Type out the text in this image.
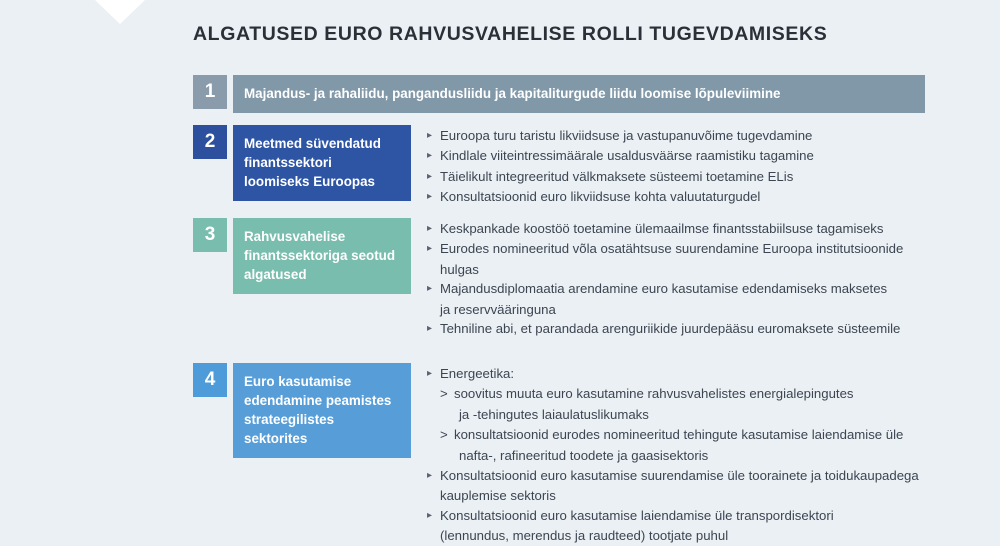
ALGATUSED EURO RAHVUSVAHELISE ROLLI TUGEVDAMISEKS
1	Majandus- ja rahaliidu, pangandusliidu ja kapitaliturgude liidu loomise lõpuleviimine
2	Meetmed süvendatud finantssektori loomiseks Euroopas
▸ Euroopa turu taristu likviidsuse ja vastupanuvõime tugevdamine
▸ Kindlale viiteintressimäärale usaldusväärse raamistiku tagamine
▸ Täielikult integreeritud välkmaksete süsteemi toetamine ELis
▸ Konsultatsioonid euro likviidsuse kohta valuutaturgudel
3	Rahvusvahelise finantssektoriga seotud algatused
▸ Keskpankade koostöö toetamine ülemaailmse finantsstabiilsuse tagamiseks
▸ Eurodes nomineeritud võla osatähtsuse suurendamine Euroopa institutsioonide
hulgas
▸ Majandusdiplomaatia arendamine euro kasutamise edendamiseks maksetes
ja reservvääringuna
▸ Tehniline abi, et parandada arenguriikide juurdepääsu euromaksete süsteemile
4	Euro kasutamise edendamine peamistes strateegilistes sektorites
▸ Energeetika:
> soovitus muuta euro kasutamine rahvusvahelistes energialepingutes
ja -tehingutes laiaulatuslikumaks
> konsultatsioonid eurodes nomineeritud tehingute kasutamise laiendamise üle
nafta-, rafineeritud toodete ja gaasisektoris
▸ Konsultatsioonid euro kasutamise suurendamise üle toorainete ja toidukaupadega
kauplemise sektoris
▸ Konsultatsioonid euro kasutamise laiendamise üle transpordisektori
(lennundus, merendus ja raudteed) tootjate puhul
